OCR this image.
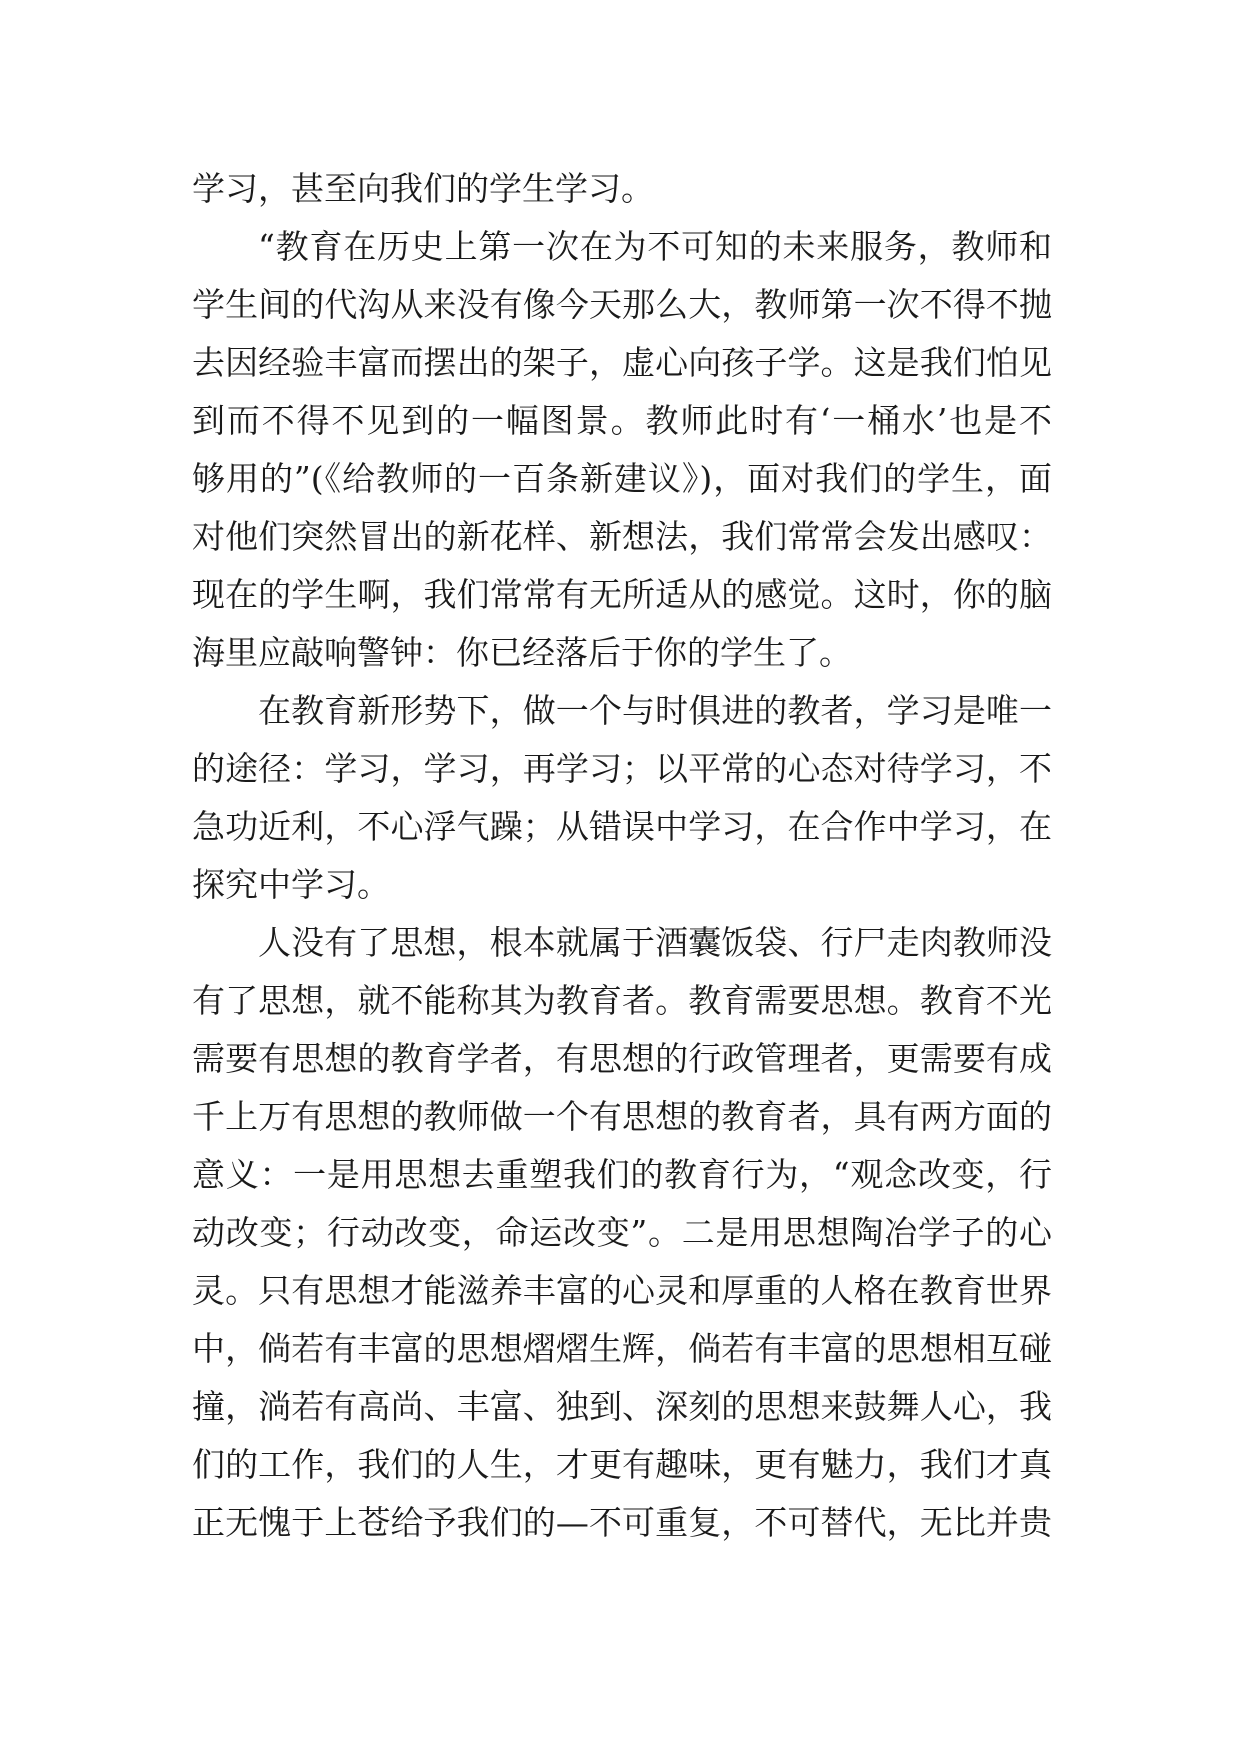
学习，甚至向我们的学生学习。
“教育在历史上第一次在为不可知的未来服务，教师和
学生间的代沟从来没有像今天那么大，教师第一次不得不抛
去因经验丰富而摆出的架子，虚心向孩子学。这是我们怕见
到而不得不见到的一幅图景。教师此时有‘一桶水’也是不
够用的”(《给教师的一百条新建议》)，面对我们的学生，面
对他们突然冒出的新花样、新想法，我们常常会发出感叹：
现在的学生啊，我们常常有无所适从的感觉。这时，你的脑
海里应敲响警钟：你已经落后于你的学生了。
在教育新形势下，做一个与时俱进的教者，学习是唯一
的途径：学习，学习，再学习；以平常的心态对待学习，不
急功近利，不心浮气躁；从错误中学习，在合作中学习，在
探究中学习。
人没有了思想，根本就属于酒囊饭袋、行尸走肉教师没
有了思想，就不能称其为教育者。教育需要思想。教育不光
需要有思想的教育学者，有思想的行政管理者，更需要有成
千上万有思想的教师做一个有思想的教育者，具有两方面的
意义：一是用思想去重塑我们的教育行为，“观念改变，行
动改变；行动改变，命运改变”。二是用思想陶冶学子的心
灵。只有思想才能滋养丰富的心灵和厚重的人格在教育世界
中，倘若有丰富的思想熠熠生辉，倘若有丰富的思想相互碰
撞，淌若有高尚、丰富、独到、深刻的思想来鼓舞人心，我
们的工作，我们的人生，才更有趣味，更有魅力，我们才真
正无愧于上苍给予我们的—不可重复，不可替代，无比并贵
